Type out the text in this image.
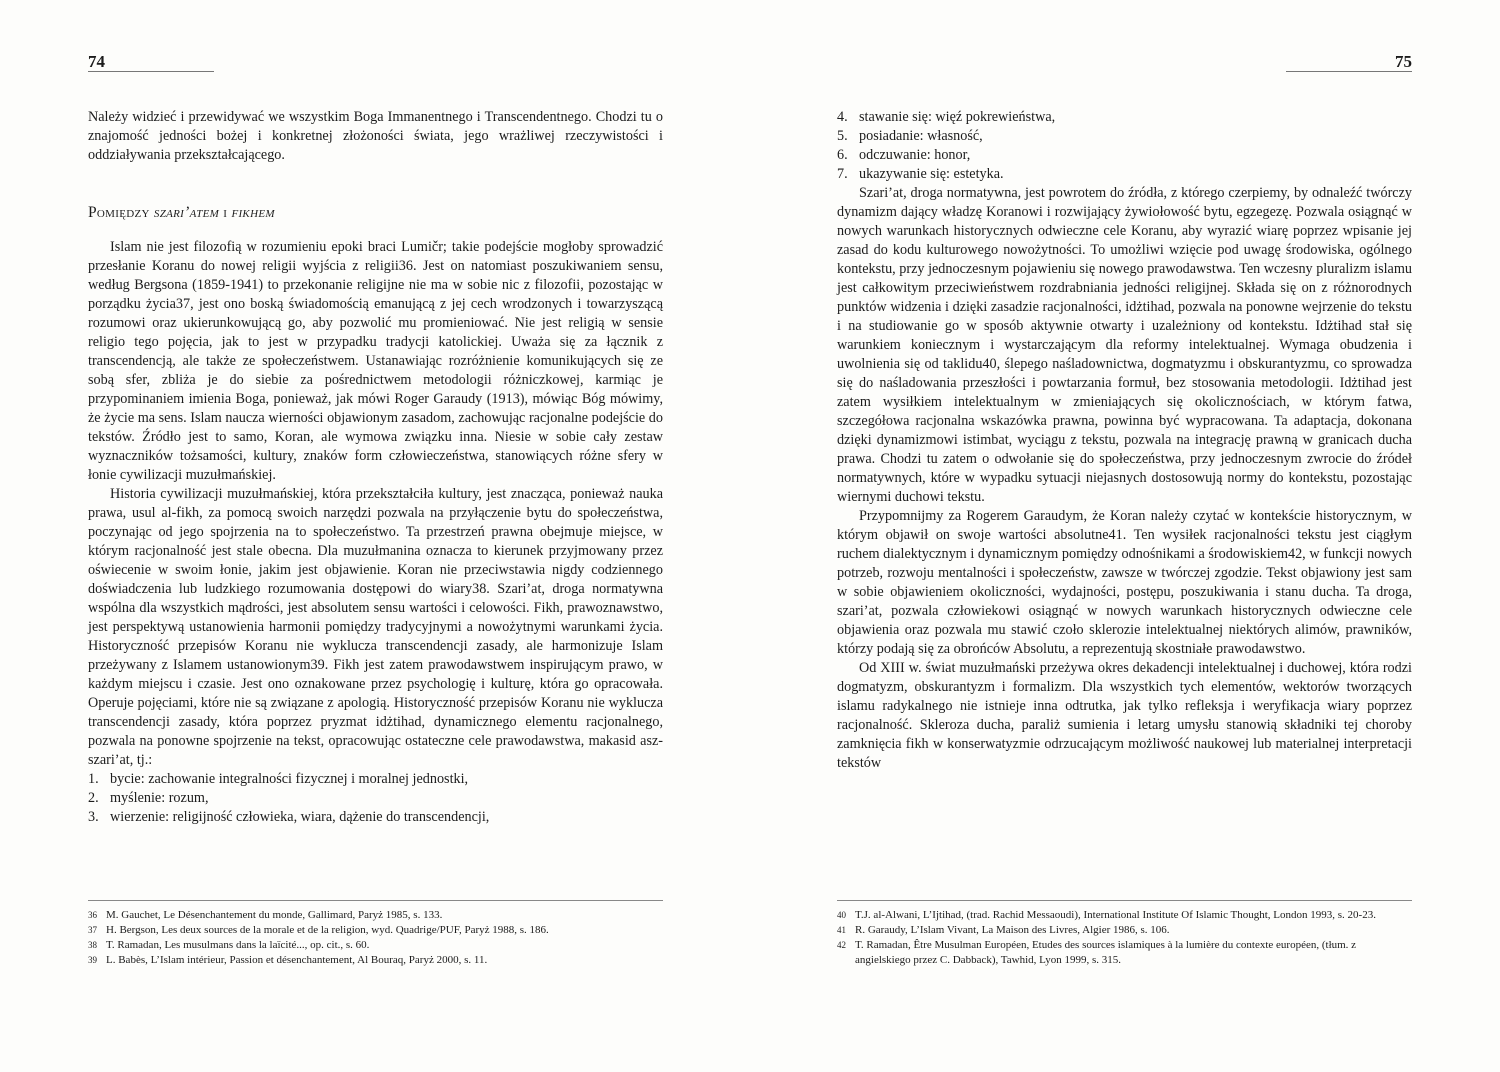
74

Należy widzieć i przewidywać we wszystkim Boga Immanentnego i Transcendentnego. Chodzi tu o znajomość jedności bożej i konkretnej złożoności świata, jego wrażliwej rzeczywistości i oddziaływania przekształcającego.

Pomiędzy szari’atem i fikhem

Islam nie jest filozofią w rozumieniu epoki braci Lumičr; takie podejście mogłoby sprowadzić przesłanie Koranu do nowej religii wyjścia z religii36. Jest on natomiast poszukiwaniem sensu, według Bergsona (1859-1941) to przekonanie religijne nie ma w sobie nic z filozofii, pozostając w porządku życia37, jest ono boską świadomością emanującą z jej cech wrodzonych i towarzyszącą rozumowi oraz ukierunkowującą go, aby pozwolić mu promieniować. Nie jest religią w sensie religio tego pojęcia, jak to jest w przypadku tradycji katolickiej. Uważa się za łącznik z transcendencją, ale także ze społeczeństwem. Ustanawiając rozróżnienie komunikujących się ze sobą sfer, zbliża je do siebie za pośrednictwem metodologii różniczkowej, karmiąc je przypominaniem imienia Boga, ponieważ, jak mówi Roger Garaudy (1913), mówiąc Bóg mówimy, że życie ma sens. Islam naucza wierności objawionym zasadom, zachowując racjonalne podejście do tekstów. Źródło jest to samo, Koran, ale wymowa związku inna. Niesie w sobie cały zestaw wyznaczników tożsamości, kultury, znaków form człowieczeństwa, stanowiących różne sfery w łonie cywilizacji muzułmańskiej.

Historia cywilizacji muzułmańskiej, która przekształciła kultury, jest znacząca, ponieważ nauka prawa, usul al-fikh, za pomocą swoich narzędzi pozwala na przyłączenie bytu do społeczeństwa, poczynając od jego spojrzenia na to społeczeństwo. Ta przestrzeń prawna obejmuje miejsce, w którym racjonalność jest stale obecna. Dla muzułmanina oznacza to kierunek przyjmowany przez oświecenie w swoim łonie, jakim jest objawienie. Koran nie przeciwstawia nigdy codziennego doświadczenia lub ludzkiego rozumowania dostępowi do wiary38. Szari’at, droga normatywna wspólna dla wszystkich mądrości, jest absolutem sensu wartości i celowości. Fikh, prawoznawstwo, jest perspektywą ustanowienia harmonii pomiędzy tradycyjnymi a nowożytnymi warunkami życia. Historyczność przepisów Koranu nie wyklucza transcendencji zasady, ale harmonizuje Islam przeżywany z Islamem ustanowionym39. Fikh jest zatem prawodawstwem inspirującym prawo, w każdym miejscu i czasie. Jest ono oznakowane przez psychologię i kulturę, która go opracowała. Operuje pojęciami, które nie są związane z apologią. Historyczność przepisów Koranu nie wyklucza transcendencji zasady, która poprzez pryzmat idżtihad, dynamicznego elementu racjonalnego, pozwala na ponowne spojrzenie na tekst, opracowując ostateczne cele prawodawstwa, makasid asz-szari’at, tj.:

1. bycie: zachowanie integralności fizycznej i moralnej jednostki,
2. myślenie: rozum,
3. wierzenie: religijność człowieka, wiara, dążenie do transcendencji,
36 M. Gauchet, Le Désenchantement du monde, Gallimard, Paryż 1985, s. 133.
37 H. Bergson, Les deux sources de la morale et de la religion, wyd. Quadrige/PUF, Paryż 1988, s. 186.
38 T. Ramadan, Les musulmans dans la laïcité..., op. cit., s. 60.
39 L. Babès, L’Islam intérieur, Passion et désenchantement, Al Bouraq, Paryż 2000, s. 11.
75
4. stawanie się: więź pokrewieństwa,
5. posiadanie: własność,
6. odczuwanie: honor,
7. ukazywanie się: estetyka.

Szari’at, droga normatywna, jest powrotem do źródła, z którego czerpiemy, by odnaleźć twórczy dynamizm dający władzę Koranowi i rozwijający żywiołowość bytu, egzegezę. Pozwala osiągnąć w nowych warunkach historycznych odwieczne cele Koranu, aby wyrazić wiarę poprzez wpisanie jej zasad do kodu kulturowego nowożytności. To umożliwi wzięcie pod uwagę środowiska, ogólnego kontekstu, przy jednoczesnym pojawieniu się nowego prawodawstwa. Ten wczesny pluralizm islamu jest całkowitym przeciwieństwem rozdrabniania jedności religijnej. Składa się on z różnorodnych punktów widzenia i dzięki zasadzie racjonalności, idżtihad, pozwala na ponowne wejrzenie do tekstu i na studiowanie go w sposób aktywnie otwarty i uzależniony od kontekstu. Idżtihad stał się warunkiem koniecznym i wystarczającym dla reformy intelektualnej. Wymaga obudzenia i uwolnienia się od taklidu40, ślepego naśladownictwa, dogmatyzmu i obskurantyzmu, co sprowadza się do naśladowania przeszłości i powtarzania formuł, bez stosowania metodologii. Idżtihad jest zatem wysiłkiem intelektualnym w zmieniających się okolicznościach, w którym fatwa, szczegółowa racjonalna wskazówka prawna, powinna być wypracowana. Ta adaptacja, dokonana dzięki dynamizmowi istimbat, wyciągu z tekstu, pozwala na integrację prawną w granicach ducha prawa. Chodzi tu zatem o odwołanie się do społeczeństwa, przy jednoczesnym zwrocie do źródeł normatywnych, które w wypadku sytuacji niejasnych dostosowują normy do kontekstu, pozostając wiernymi duchowi tekstu.

Przypomnijmy za Rogerem Garaudym, że Koran należy czytać w kontekście historycznym, w którym objawił on swoje wartości absolutne41. Ten wysiłek racjonalności tekstu jest ciągłym ruchem dialektycznym i dynamicznym pomiędzy odnośnikami a środowiskiem42, w funkcji nowych potrzeb, rozwoju mentalności i społeczeństw, zawsze w twórczej zgodzie. Tekst objawiony jest sam w sobie objawieniem okoliczności, wydajności, postępu, poszukiwania i stanu ducha. Ta droga, szari’at, pozwala człowiekowi osiągnąć w nowych warunkach historycznych odwieczne cele objawienia oraz pozwala mu stawić czoło sklerozie intelektualnej niektórych alimów, prawników, którzy podają się za obrońców Absolutu, a reprezentują skostniałe prawodawstwo.

Od XIII w. świat muzułmański przeżywa okres dekadencji intelektualnej i duchowej, która rodzi dogmatyzm, obskurantyzm i formalizm. Dla wszystkich tych elementów, wektorów tworzących islamu radykalnego nie istnieje inna odtrutka, jak tylko refleksja i weryfikacja wiary poprzez racjonalność. Skleroza ducha, paraliż sumienia i letarg umysłu stanowią składniki tej choroby zamknięcia fikh w konserwatyzmie odrzucającym możliwość naukowej lub materialnej interpretacji tekstów

40 T.J. al-Alwani, L’Ijtihad, (trad. Rachid Messaoudi), International Institute Of Islamic Thought, London 1993, s. 20-23.
41 R. Garaudy, L’Islam Vivant, La Maison des Livres, Algier 1986, s. 106.
42 T. Ramadan, Être Musulman Européen, Etudes des sources islamiques à la lumière du contexte européen, (tłum. z angielskiego przez C. Dabback), Tawhid, Lyon 1999, s. 315.
